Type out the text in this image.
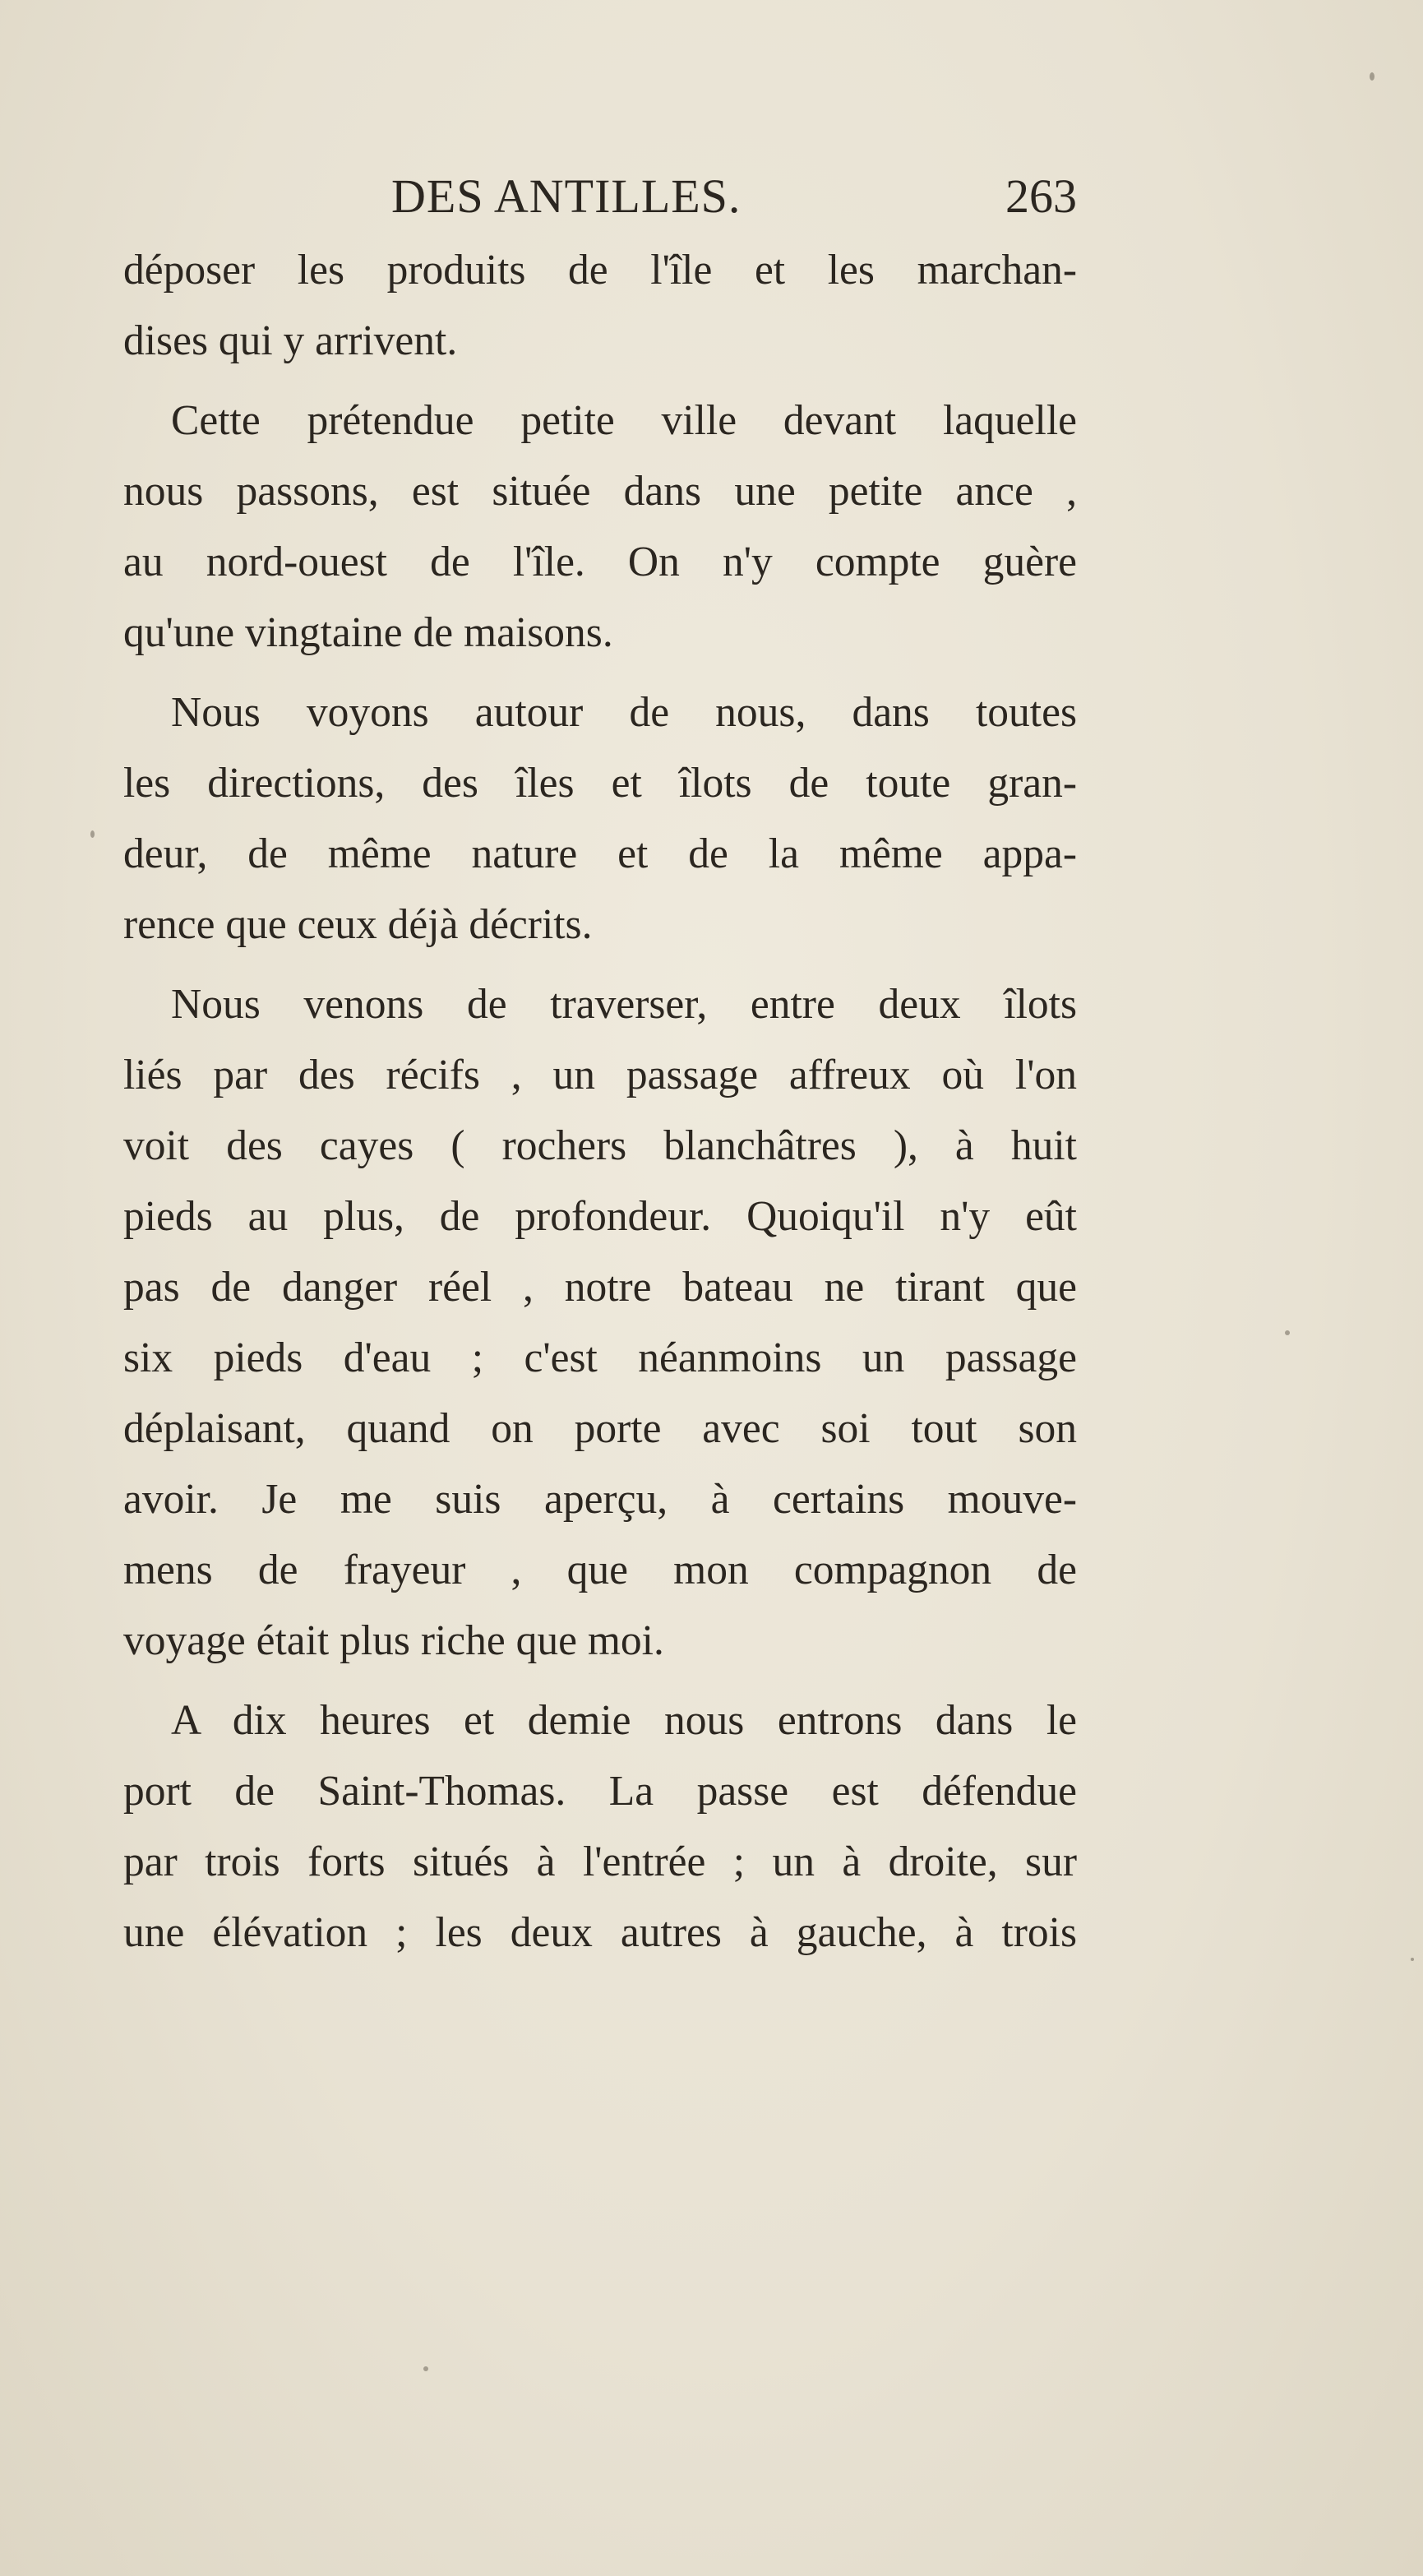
DES ANTILLES.	263
déposer les produits de l'île et les marchan-
dises qui y arrivent.
Cette prétendue petite ville devant laquelle
nous passons, est située dans une petite ance ,
au nord-ouest de l'île. On n'y compte guère
qu'une vingtaine de maisons.
Nous voyons autour de nous, dans toutes
les directions, des îles et îlots de toute gran-
deur, de même nature et de la même appa-
rence que ceux déjà décrits.
Nous venons de traverser, entre deux îlots
liés par des récifs , un passage affreux où l'on
voit des cayes ( rochers blanchâtres ), à huit
pieds au plus, de profondeur. Quoiqu'il n'y eût
pas de danger réel , notre bateau ne tirant que
six pieds d'eau ; c'est néanmoins un passage
déplaisant, quand on porte avec soi tout son
avoir. Je me suis aperçu, à certains mouve-
mens de frayeur , que mon compagnon de
voyage était plus riche que moi.
A dix heures et demie nous entrons dans le
port de Saint-Thomas. La passe est défendue
par trois forts situés à l'entrée ; un à droite, sur
une élévation ; les deux autres à gauche, à trois
